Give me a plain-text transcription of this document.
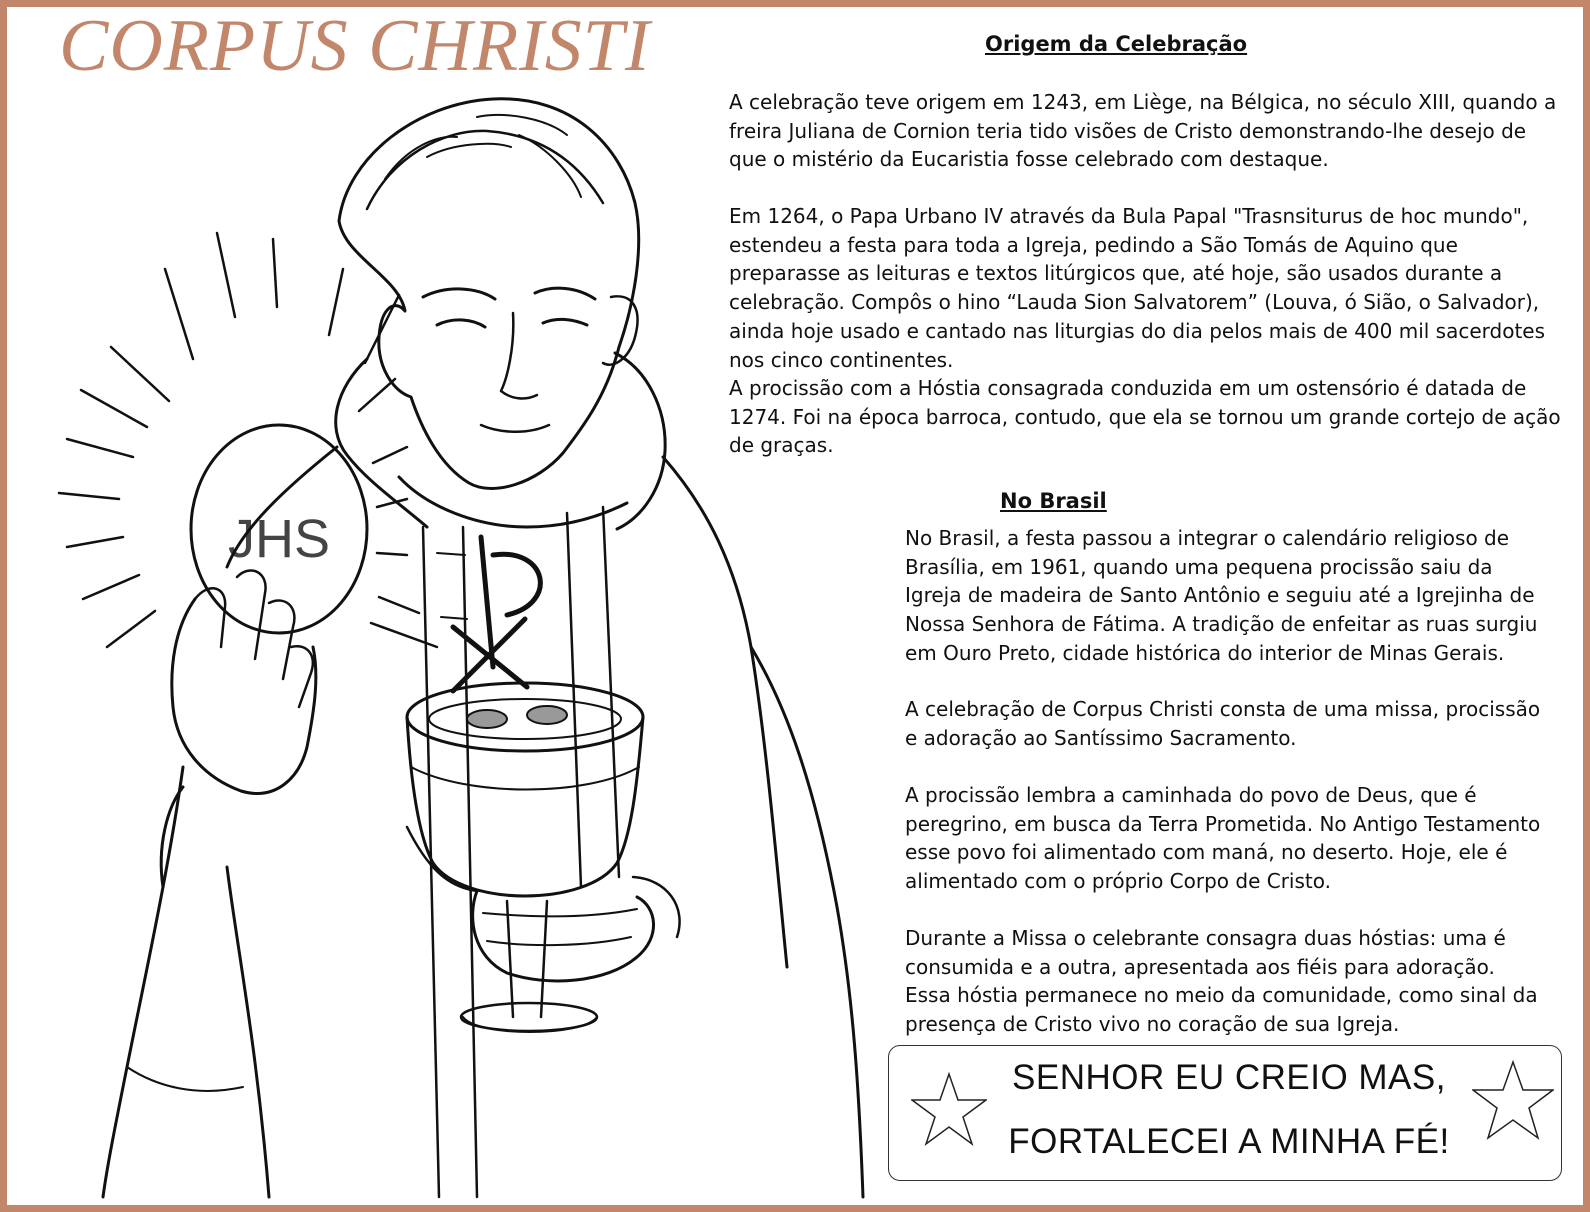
CORPUS CHRISTI
JHS
Origem da Celebração

A celebração teve origem em 1243, em Liège, na Bélgica, no século XIII, quando a freira Juliana de Cornion teria tido visões de Cristo demonstrando-lhe desejo de que o mistério da Eucaristia fosse celebrado com destaque.

Em 1264, o Papa Urbano IV através da Bula Papal "Trasnsiturus de hoc mundo", estendeu a festa para toda a Igreja, pedindo a São Tomás de Aquino que preparasse as leituras e textos litúrgicos que, até hoje, são usados durante a celebração. Compôs o hino “Lauda Sion Salvatorem” (Louva, ó Sião, o Salvador), ainda hoje usado e cantado nas liturgias do dia pelos mais de 400 mil sacerdotes nos cinco continentes.

A procissão com a Hóstia consagrada conduzida em um ostensório é datada de 1274. Foi na época barroca, contudo, que ela se tornou um grande cortejo de ação de graças.

No Brasil

No Brasil, a festa passou a integrar o calendário religioso de Brasília, em 1961, quando uma pequena procissão saiu da Igreja de madeira de Santo Antônio e seguiu até a Igrejinha de Nossa Senhora de Fátima. A tradição de enfeitar as ruas surgiu em Ouro Preto, cidade histórica do interior de Minas Gerais.

A celebração de Corpus Christi consta de uma missa, procissão e adoração ao Santíssimo Sacramento.

A procissão lembra a caminhada do povo de Deus, que é peregrino, em busca da Terra Prometida. No Antigo Testamento esse povo foi alimentado com maná, no deserto. Hoje, ele é alimentado com o próprio Corpo de Cristo.

Durante a Missa o celebrante consagra duas hóstias: uma é consumida e a outra, apresentada aos fiéis para adoração. Essa hóstia permanece no meio da comunidade, como sinal da presença de Cristo vivo no coração de sua Igreja.

SENHOR EU CREIO MAS,
FORTALECEI A MINHA FÉ!
